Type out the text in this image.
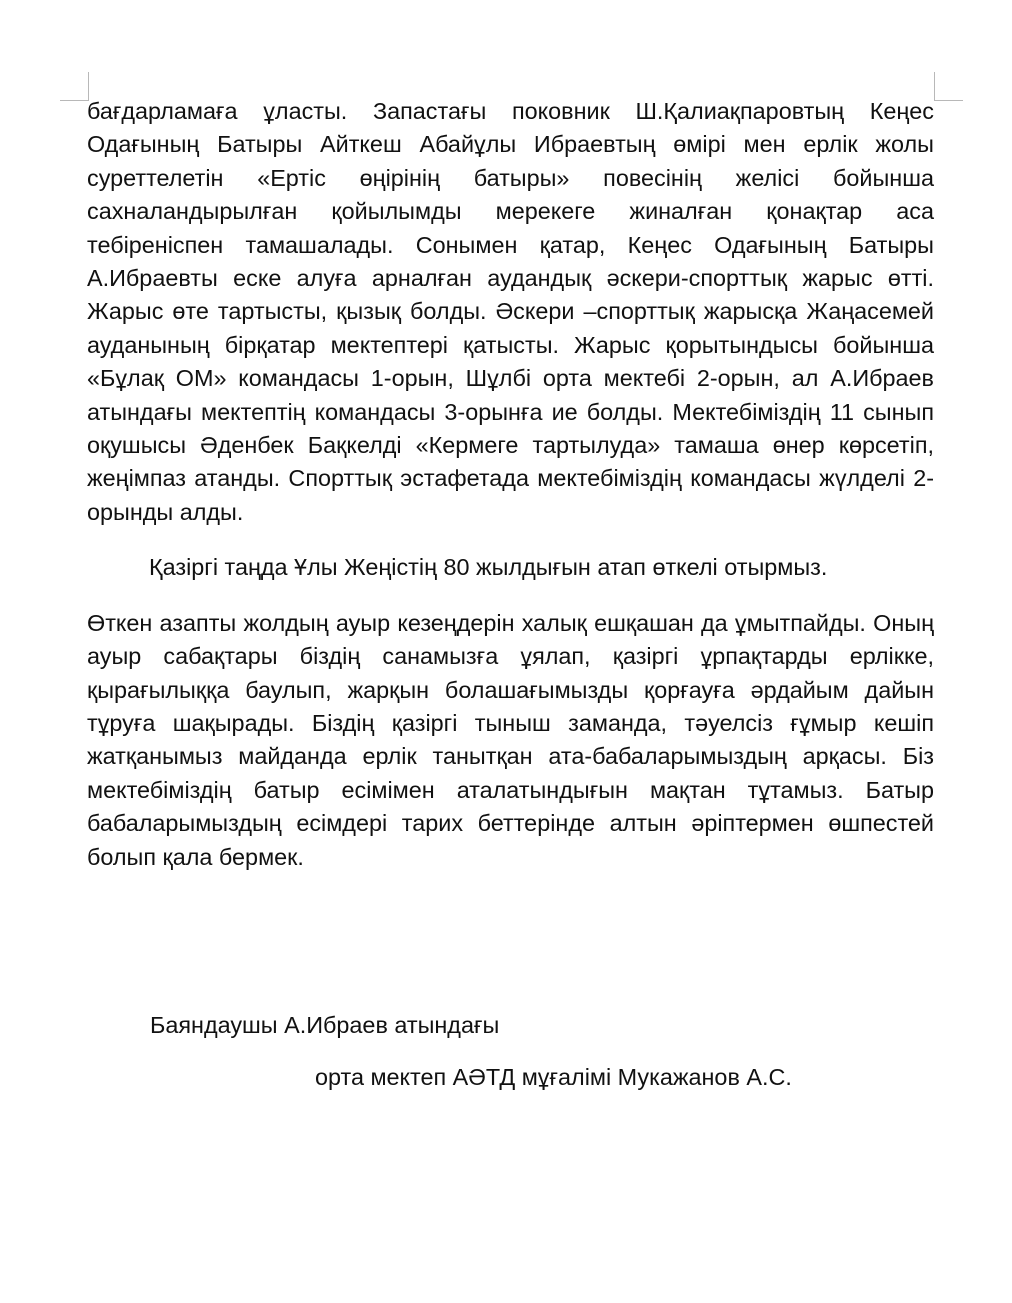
бағдарламаға ұласты. Запастағы поковник Ш.Қалиақпаровтың Кеңес Одағының Батыры Айткеш Абайұлы Ибраевтың өмірі мен ерлік жолы суреттелетін «Ертіс өңірінің батыры» повесінің желісі бойынша сахналандырылған қойылымды мерекеге жиналған қонақтар аса тебіреніспен тамашалады. Сонымен қатар, Кеңес Одағының Батыры А.Ибраевты еске алуға арналған аудандық әскери-спорттық жарыс өтті. Жарыс өте тартысты, қызық болды. Әскери –спорттық жарысқа Жаңасемей ауданының бірқатар мектептері қатысты. Жарыс қорытындысы бойынша «Бұлақ ОМ» командасы 1-орын, Шұлбі орта мектебі 2-орын, ал А.Ибраев атындағы мектептің командасы 3-орынға ие болды. Мектебіміздің 11 сынып оқушысы Әденбек Бақкелді «Кермеге тартылуда» тамаша өнер көрсетіп, жеңімпаз атанды. Спорттық эстафетада мектебіміздің командасы жүлделі 2-орынды алды.

Қазіргі таңда Ұлы Жеңістің 80 жылдығын атап өткелі отырмыз.

Өткен азапты жолдың ауыр кезеңдерін халық ешқашан да ұмытпайды. Оның ауыр сабақтары біздің санамызға ұялап, қазіргі ұрпақтарды ерлікке, қырағылыққа баулып, жарқын болашағымызды қорғауға әрдайым дайын тұруға шақырады. Біздің қазіргі тыныш заманда, тәуелсіз ғұмыр кешіп жатқанымыз майданда ерлік танытқан ата-бабаларымыздың арқасы. Біз мектебіміздің батыр есімімен аталатындығын мақтан тұтамыз. Батыр бабаларымыздың есімдері тарих беттерінде алтын әріптермен өшпестей болып қала бермек.

Баяндаушы А.Ибраев атындағы

орта мектеп АӘТД мұғалімі Мукажанов А.С.
